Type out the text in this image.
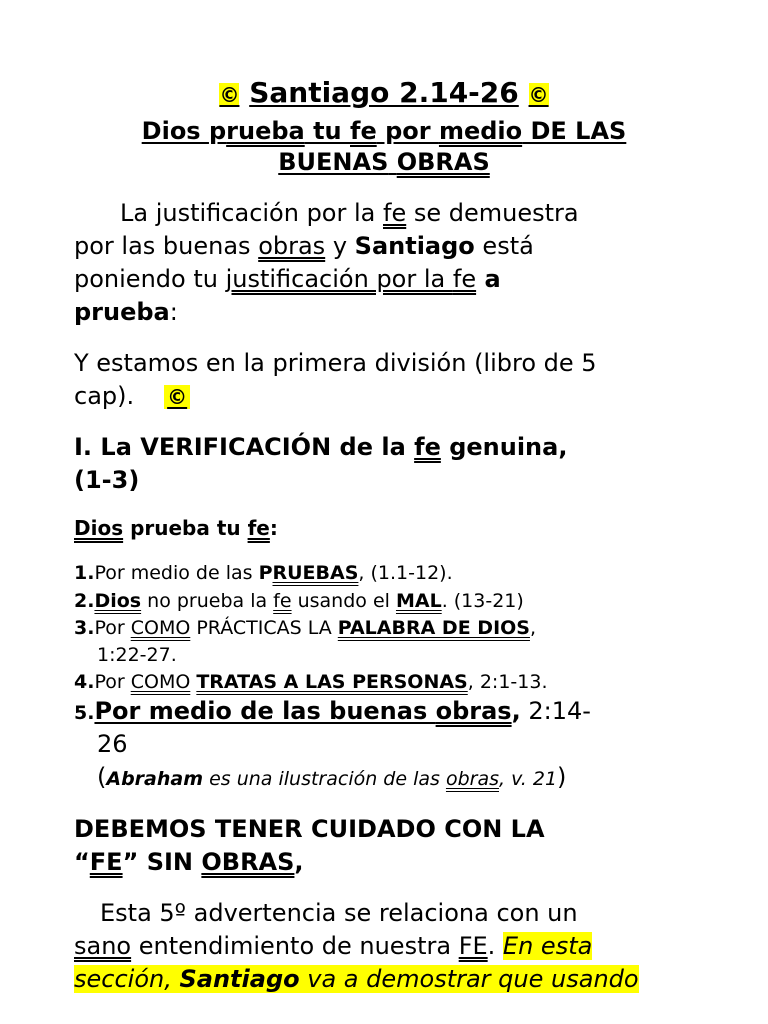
© Santiago 2.14-26 ©
Dios prueba tu fe por medio DE LAS
BUENAS OBRAS
La justificación por la fe se demuestra
por las buenas obras y Santiago está
poniendo tu justificación por la fe a
prueba:
Y estamos en la primera división (libro de 5
cap). ©
I. La VERIFICACIÓN de la fe genuina,
(1-3)
Dios prueba tu fe:
1.Por medio de las PRUEBAS, (1.1-12).
2.Dios no prueba la fe usando el MAL. (13-21)
3.Por COMO PRÁCTICAS LA PALABRA DE DIOS,
1:22-27.
4.Por COMO TRATAS A LAS PERSONAS, 2:1-13.
5.Por medio de las buenas obras, 2:14-
26
(Abraham es una ilustración de las obras, v. 21)
DEBEMOS TENER CUIDADO CON LA
“FE” SIN OBRAS,
Esta 5º advertencia se relaciona con un
sano entendimiento de nuestra FE. En esta
sección, Santiago va a demostrar que usando
